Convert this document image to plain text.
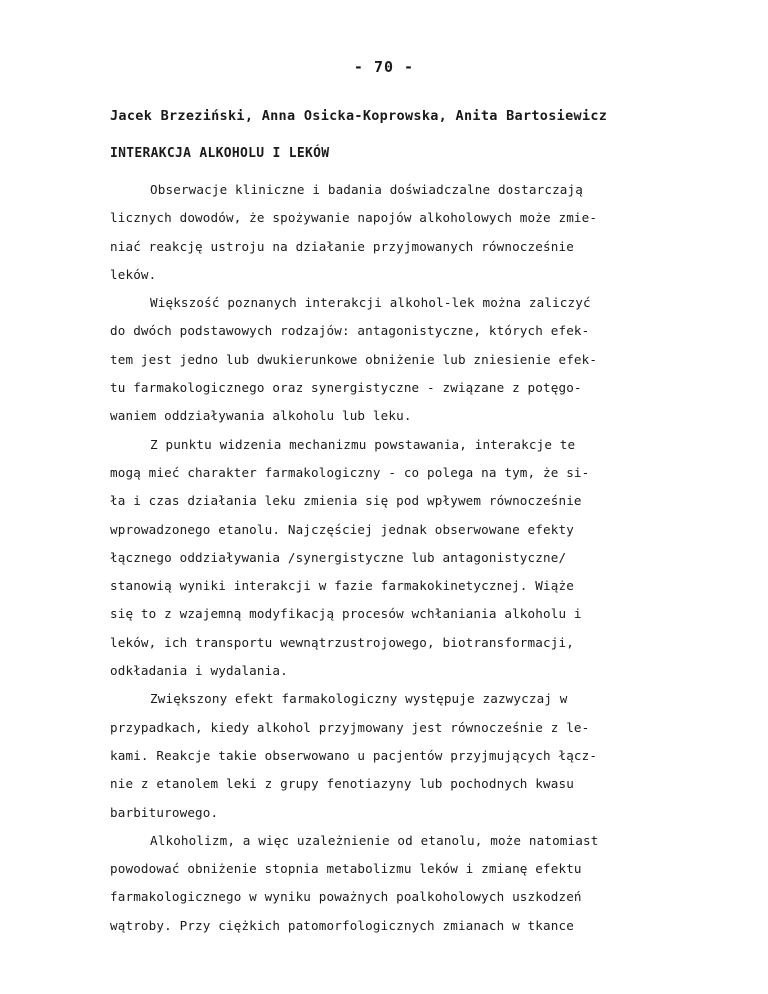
- 70 -
Jacek Brzeziński, Anna Osicka-Koprowska, Anita Bartosiewicz
INTERAKCJA ALKOHOLU I LEKÓW
Obserwacje kliniczne i badania doświadczalne dostarczają
licznych dowodów, że spożywanie napojów alkoholowych może zmie-
niać reakcję ustroju na działanie przyjmowanych równocześnie
leków.
Większość poznanych interakcji alkohol-lek można zaliczyć
do dwóch podstawowych rodzajów: antagonistyczne, których efek-
tem jest jedno lub dwukierunkowe obniżenie lub zniesienie efek-
tu farmakologicznego oraz synergistyczne - związane z potęgo-
waniem oddziaływania alkoholu lub leku.
Z punktu widzenia mechanizmu powstawania, interakcje te
mogą mieć charakter farmakologiczny - co polega na tym, że si-
ła i czas działania leku zmienia się pod wpływem równocześnie
wprowadzonego etanolu. Najczęściej jednak obserwowane efekty
łącznego oddziaływania /synergistyczne lub antagonistyczne/
stanowią wyniki interakcji w fazie farmakokinetycznej. Wiąże
się to z wzajemną modyfikacją procesów wchłaniania alkoholu i
leków, ich transportu wewnątrzustrojowego, biotransformacji,
odkładania i wydalania.
Zwiększony efekt farmakologiczny występuje zazwyczaj w
przypadkach, kiedy alkohol przyjmowany jest równocześnie z le-
kami. Reakcje takie obserwowano u pacjentów przyjmujących łącz-
nie z etanolem leki z grupy fenotiazyny lub pochodnych kwasu
barbiturowego.
Alkoholizm, a więc uzależnienie od etanolu, może natomiast
powodować obniżenie stopnia metabolizmu leków i zmianę efektu
farmakologicznego w wyniku poważnych poalkoholowych uszkodzeń
wątroby. Przy ciężkich patomorfologicznych zmianach w tkance
